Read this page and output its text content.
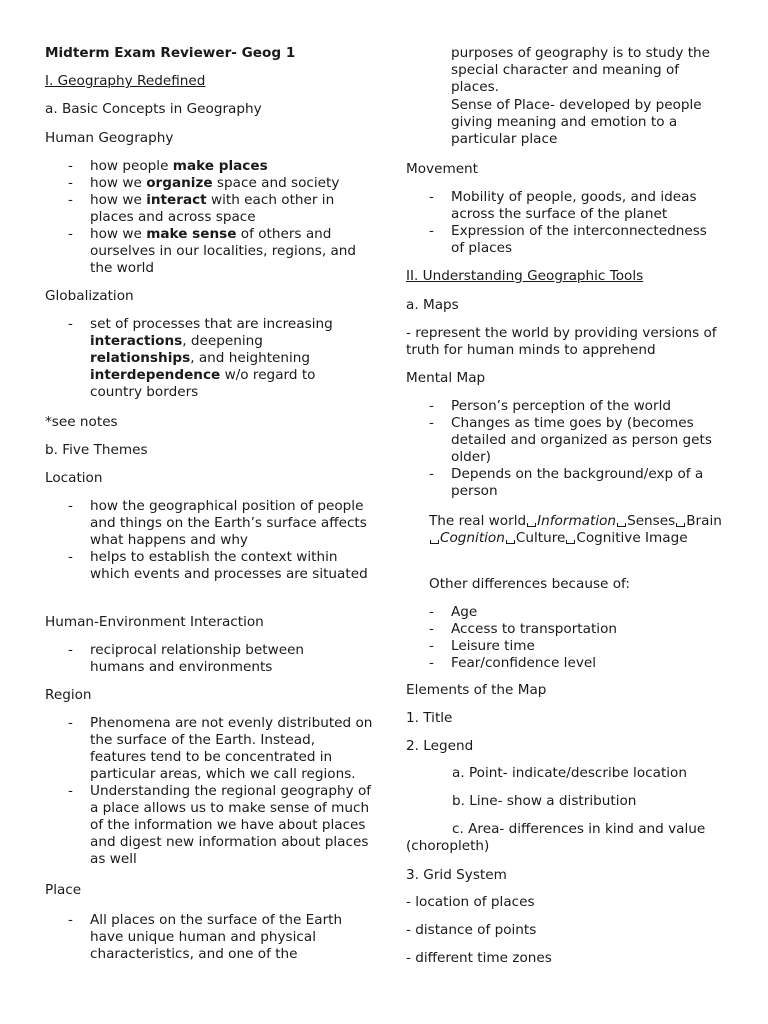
Midterm Exam Reviewer- Geog 1

I. Geography Redefined

a. Basic Concepts in Geography

Human Geography

- how people make places
- how we organize space and society
- how we interact with each other in places and across space
- how we make sense of others and ourselves in our localities, regions, and the world

Globalization

- set of processes that are increasing interactions, deepening relationships, and heightening interdependence w/o regard to country borders

*see notes

b. Five Themes

Location

- how the geographical position of people and things on the Earth’s surface affects what happens and why
- helps to establish the context within which events and processes are situated

Human-Environment Interaction

- reciprocal relationship between humans and environments

Region

- Phenomena are not evenly distributed on the surface of the Earth. Instead, features tend to be concentrated in particular areas, which we call regions.
- Understanding the regional geography of a place allows us to make sense of much of the information we have about places and digest new information about places as well

Place

- All places on the surface of the Earth have unique human and physical characteristics, and one of the

purposes of geography is to study the special character and meaning of places.

Sense of Place- developed by people giving meaning and emotion to a particular place

Movement

- Mobility of people, goods, and ideas across the surface of the planet
- Expression of the interconnectedness of places

II. Understanding Geographic Tools

a. Maps

- represent the world by providing versions of truth for human minds to apprehend

Mental Map

- Person’s perception of the world
- Changes as time goes by (becomes detailed and organized as person gets older)
- Depends on the background/exp of a person

The real world Information Senses BrainCognition Culture Cognitive Image

Other differences because of:

- Age
- Access to transportation
- Leisure time
- Fear/confidence level

Elements of the Map

1. Title

2. Legend

a. Point- indicate/describe location

b. Line- show a distribution

c. Area- differences in kind and value (choropleth)

3. Grid System

- location of places

- distance of points

- different time zones
